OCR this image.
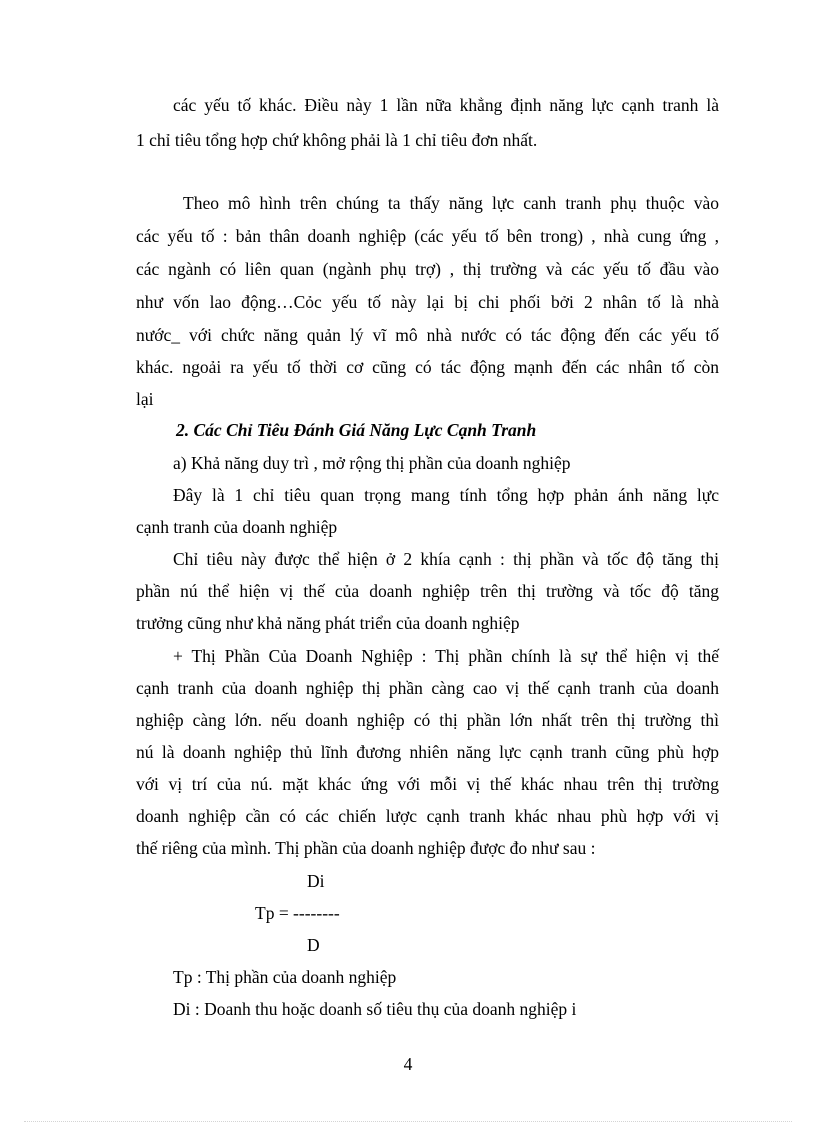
các yếu tố khác. Điều này 1 lần nữa khẳng định năng lực cạnh tranh là
1 chỉ tiêu tổng hợp chứ không phải là 1 chỉ tiêu đơn nhất.
Theo mô hình trên chúng ta thấy năng lực canh tranh phụ thuộc vào
các yếu tố : bản thân doanh nghiệp (các yếu tố bên trong) , nhà cung ứng ,
các ngành có liên quan (ngành phụ trợ) , thị trường và các yếu tố đầu vào
như vốn lao động…Cỏc yếu tố này lại bị chi phối bởi 2 nhân tố là nhà
nước_ với chức năng quản lý vĩ mô nhà nước có tác động đến các yếu tố
khác. ngoải ra yếu tố thời cơ cũng có tác động mạnh đến các nhân tố còn
lại
2. Các Chỉ Tiêu Đánh Giá Năng Lực Cạnh Tranh
a) Khả năng duy trì , mở rộng thị phần của doanh nghiệp
Đây là 1 chỉ tiêu quan trọng mang tính tổng hợp phản ánh năng lực
cạnh tranh của doanh nghiệp
Chỉ tiêu này được thể hiện ở 2 khía cạnh : thị phần và tốc độ tăng thị
phần nú thể hiện vị thế của doanh nghiệp trên thị trường và tốc độ tăng
trưởng cũng như khả năng phát triển của doanh nghiệp
+ Thị Phần Của Doanh Nghiệp : Thị phần chính là sự thể hiện vị thế
cạnh tranh của doanh nghiệp thị phần càng cao vị thế cạnh tranh của doanh
nghiệp càng lớn. nếu doanh nghiệp có thị phần lớn nhất trên thị trường thì
nú là doanh nghiệp thủ lĩnh đương nhiên năng lực cạnh tranh cũng phù hợp
với vị trí của nú. mặt khác ứng với mỗi vị thế khác nhau trên thị trường
doanh nghiệp cần có các chiến lược cạnh tranh khác nhau phù hợp với vị
thế riêng của mình. Thị phần của doanh nghiệp được đo như sau :
Di
Tp = --------
D
Tp : Thị phần của doanh nghiệp
Di : Doanh thu hoặc doanh số tiêu thụ của doanh nghiệp i
4
